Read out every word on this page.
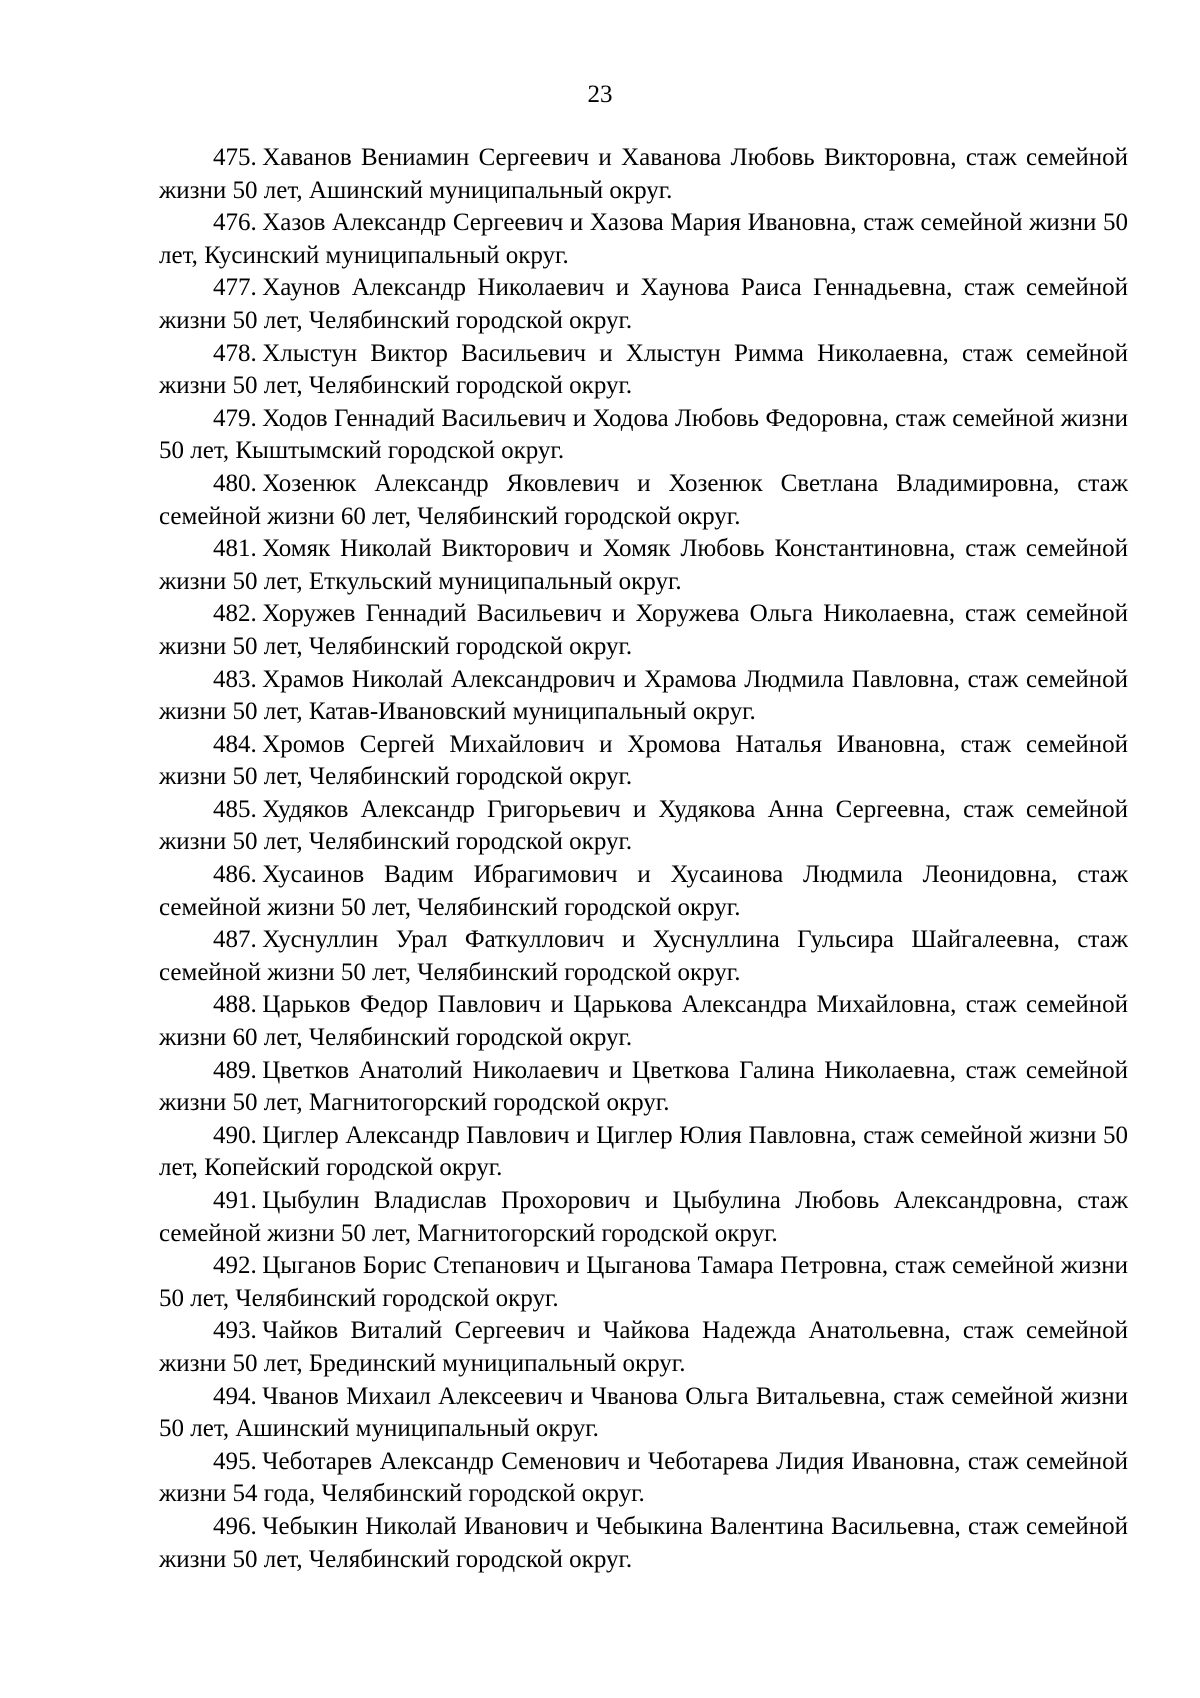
23

475. Хаванов Вениамин Сергеевич и Хаванова Любовь Викторовна, стаж семейной жизни 50 лет, Ашинский муниципальный округ.

476. Хазов Александр Сергеевич и Хазова Мария Ивановна, стаж семейной жизни 50 лет, Кусинский муниципальный округ.

477. Хаунов Александр Николаевич и Хаунова Раиса Геннадьевна, стаж семейной жизни 50 лет, Челябинский городской округ.

478. Хлыстун Виктор Васильевич и Хлыстун Римма Николаевна, стаж семейной жизни 50 лет, Челябинский городской округ.

479. Ходов Геннадий Васильевич и Ходова Любовь Федоровна, стаж семейной жизни 50 лет, Кыштымский городской округ.

480. Хозенюк Александр Яковлевич и Хозенюк Светлана Владимировна, стаж семейной жизни 60 лет, Челябинский городской округ.

481. Хомяк Николай Викторович и Хомяк Любовь Константиновна, стаж семейной жизни 50 лет, Еткульский муниципальный округ.

482. Хоружев Геннадий Васильевич и Хоружева Ольга Николаевна, стаж семейной жизни 50 лет, Челябинский городской округ.

483. Храмов Николай Александрович и Храмова Людмила Павловна, стаж семейной жизни 50 лет, Катав-Ивановский муниципальный округ.

484. Хромов Сергей Михайлович и Хромова Наталья Ивановна, стаж семейной жизни 50 лет, Челябинский городской округ.

485. Худяков Александр Григорьевич и Худякова Анна Сергеевна, стаж семейной жизни 50 лет, Челябинский городской округ.

486. Хусаинов Вадим Ибрагимович и Хусаинова Людмила Леонидовна, стаж семейной жизни 50 лет, Челябинский городской округ.

487. Хуснуллин Урал Фаткуллович и Хуснуллина Гульсира Шайгалеевна, стаж семейной жизни 50 лет, Челябинский городской округ.

488. Царьков Федор Павлович и Царькова Александра Михайловна, стаж семейной жизни 60 лет, Челябинский городской округ.

489. Цветков Анатолий Николаевич и Цветкова Галина Николаевна, стаж семейной жизни 50 лет, Магнитогорский городской округ.

490. Циглер Александр Павлович и Циглер Юлия Павловна, стаж семейной жизни 50 лет, Копейский городской округ.

491. Цыбулин Владислав Прохорович и Цыбулина Любовь Александровна, стаж семейной жизни 50 лет, Магнитогорский городской округ.

492. Цыганов Борис Степанович и Цыганова Тамара Петровна, стаж семейной жизни 50 лет, Челябинский городской округ.

493. Чайков Виталий Сергеевич и Чайкова Надежда Анатольевна, стаж семейной жизни 50 лет, Брединский муниципальный округ.

494. Чванов Михаил Алексеевич и Чванова Ольга Витальевна, стаж семейной жизни 50 лет, Ашинский муниципальный округ.

495. Чеботарев Александр Семенович и Чеботарева Лидия Ивановна, стаж семейной жизни 54 года, Челябинский городской округ.

496. Чебыкин Николай Иванович и Чебыкина Валентина Васильевна, стаж семейной жизни 50 лет, Челябинский городской округ.
